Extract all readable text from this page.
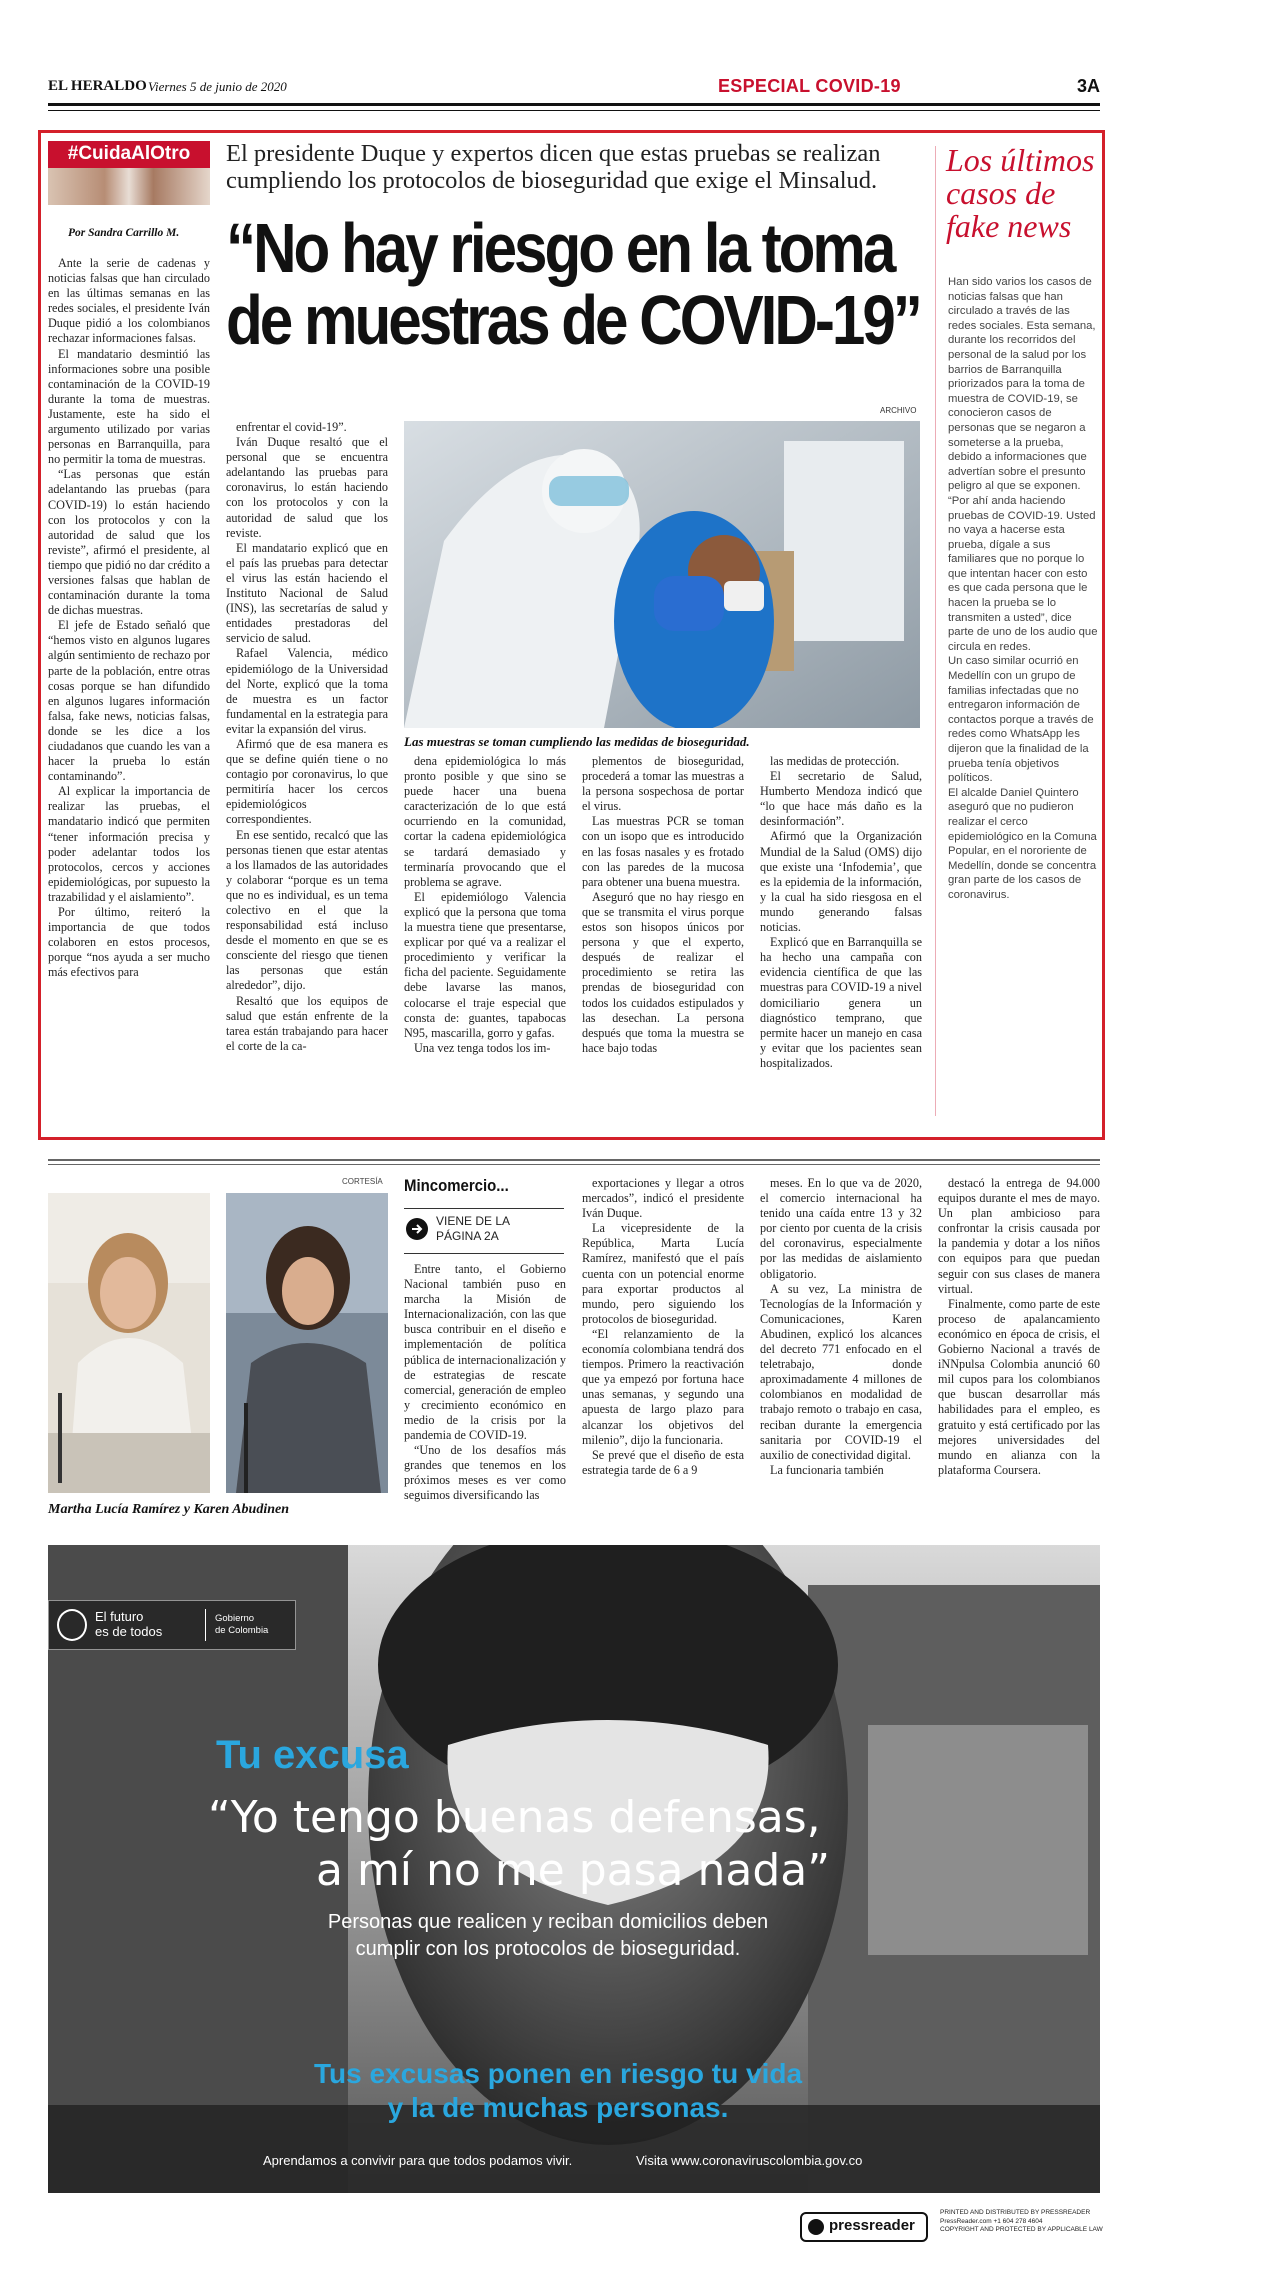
EL HERALDO Viernes 5 de junio de 2020	ESPECIAL COVID-19	3A
#CuidaAlOtro	El presidente Duque y expertos dicen que estas pruebas se realizan cumpliendo los protocolos de bioseguridad que exige el Minsalud.
“No hay riesgo en la toma
de muestras de COVID-19”
Por Sandra Carrillo M.

Ante la serie de cadenas y noticias falsas que han circulado en las últimas semanas en las redes sociales, el presidente Iván Duque pidió a los colombianos rechazar informaciones falsas.

El mandatario desmintió las informaciones sobre una posible contaminación de la COVID-19 durante la toma de muestras. Justamente, este ha sido el argumento utilizado por varias personas en Barranquilla, para no permitir la toma de muestras.

“Las personas que están adelantando las pruebas (para COVID-19) lo están haciendo con los protocolos y con la autoridad de salud que los reviste”, afirmó el presidente, al tiempo que pidió no dar crédito a versiones falsas que hablan de contaminación durante la toma de dichas muestras.

El jefe de Estado señaló que “hemos visto en algunos lugares algún sentimiento de rechazo por parte de la población, entre otras cosas porque se han difundido en algunos lugares información falsa, fake news, noticias falsas, donde se les dice a los ciudadanos que cuando les van a hacer la prueba lo están contaminando”.

Al explicar la importancia de realizar las pruebas, el mandatario indicó que permiten “tener información precisa y poder adelantar todos los protocolos, cercos y acciones epidemiológicas, por supuesto la trazabilidad y el aislamiento”.

Por último, reiteró la importancia de que todos colaboren en estos procesos, porque “nos ayuda a ser mucho más efectivos para

enfrentar el covid-19”.

Iván Duque resaltó que el personal que se encuentra adelantando las pruebas para coronavirus, lo están haciendo con los protocolos y con la autoridad de salud que los reviste.

El mandatario explicó que en el país las pruebas para detectar el virus las están haciendo el Instituto Nacional de Salud (INS), las secretarías de salud y entidades prestadoras del servicio de salud.

Rafael Valencia, médico epidemiólogo de la Universidad del Norte, explicó que la toma de muestra es un factor fundamental en la estrategia para evitar la expansión del virus.

Afirmó que de esa manera es que se define quién tiene o no contagio por coronavirus, lo que permitiría hacer los cercos epidemiológicos correspondientes.

En ese sentido, recalcó que las personas tienen que estar atentas a los llamados de las autoridades y colaborar “porque es un tema que no es individual, es un tema colectivo en el que la responsabilidad está incluso desde el momento en que se es consciente del riesgo que tienen las personas que están alrededor”, dijo.

Resaltó que los equipos de salud que están enfrente de la tarea están trabajando para hacer el corte de la ca-

ARCHIVO
Las muestras se toman cumpliendo las medidas de bioseguridad.

dena epidemiológica lo más pronto posible y que sino se puede hacer una buena caracterización de lo que está ocurriendo en la comunidad, cortar la cadena epidemiológica se tardará demasiado y terminaría provocando que el problema se agrave.

El epidemiólogo Valencia explicó que la persona que toma la muestra tiene que presentarse, explicar por qué va a realizar el procedimiento y verificar la ficha del paciente. Seguidamente debe lavarse las manos, colocarse el traje especial que consta de: guantes, tapabocas N95, mascarilla, gorro y gafas.

Una vez tenga todos los im-

plementos de bioseguridad, procederá a tomar las muestras a la persona sospechosa de portar el virus.

Las muestras PCR se toman con un isopo que es introducido en las fosas nasales y es frotado con las paredes de la mucosa para obtener una buena muestra.

Aseguró que no hay riesgo en que se transmita el virus porque estos son hisopos únicos por persona y que el experto, después de realizar el procedimiento se retira las prendas de bioseguridad con todos los cuidados estipulados y las desechan. La persona después que toma la muestra se hace bajo todas

las medidas de protección.

El secretario de Salud, Humberto Mendoza indicó que “lo que hace más daño es la desinformación”.

Afirmó que la Organización Mundial de la Salud (OMS) dijo que existe una ‘Infodemia’, que es la epidemia de la información, y la cual ha sido riesgosa en el mundo generando falsas noticias.

Explicó que en Barranquilla se ha hecho una campaña con evidencia científica de que las muestras para COVID-19 a nivel domiciliario genera un diagnóstico temprano, que permite hacer un manejo en casa y evitar que los pacientes sean hospitalizados.

Los últimos casos de fake news

Han sido varios los casos de noticias falsas que han circulado a través de las redes sociales. Esta semana, durante los recorridos del personal de la salud por los barrios de Barranquilla priorizados para la toma de muestra de COVID-19, se conocieron casos de personas que se negaron a someterse a la prueba, debido a informaciones que advertían sobre el presunto peligro al que se exponen.

“Por ahí anda haciendo pruebas de COVID-19. Usted no vaya a hacerse esta prueba, dígale a sus familiares que no porque lo que intentan hacer con esto es que cada persona que le hacen la prueba se lo transmiten a usted”, dice parte de uno de los audio que circula en redes.

Un caso similar ocurrió en Medellín con un grupo de familias infectadas que no entregaron información de contactos porque a través de redes como WhatsApp les dijeron que la finalidad de la prueba tenía objetivos políticos.

El alcalde Daniel Quintero aseguró que no pudieron realizar el cerco epidemiológico en la Comuna Popular, en el nororiente de Medellín, donde se concentra gran parte de los casos de coronavirus.

CORTESÍA
Martha Lucía Ramírez y Karen Abudinen
Mincomercio...
VIENE DE LA
PÁGINA 2A

Entre tanto, el Gobierno Nacional también puso en marcha la Misión de Internacionalización, con las que busca contribuir en el diseño e implementación de política pública de internacionalización y de estrategias de rescate comercial, generación de empleo y crecimiento económico en medio de la crisis por la pandemia de COVID-19.

“Uno de los desafíos más grandes que tenemos en los próximos meses es ver como seguimos diversificando las

exportaciones y llegar a otros mercados”, indicó el presidente Iván Duque.

La vicepresidente de la República, Marta Lucía Ramírez, manifestó que el país cuenta con un potencial enorme para exportar productos al mundo, pero siguiendo los protocolos de bioseguridad.

“El relanzamiento de la economía colombiana tendrá dos tiempos. Primero la reactivación que ya empezó por fortuna hace unas semanas, y segundo una apuesta de largo plazo para alcanzar los objetivos del milenio”, dijo la funcionaria.

Se prevé que el diseño de esta estrategia tarde de 6 a 9

meses. En lo que va de 2020, el comercio internacional ha tenido una caída entre 13 y 32 por ciento por cuenta de la crisis del coronavirus, especialmente por las medidas de aislamiento obligatorio.

A su vez, La ministra de Tecnologías de la Información y Comunicaciones, Karen Abudinen, explicó los alcances del decreto 771 enfocado en el teletrabajo, donde aproximadamente 4 millones de colombianos en modalidad de trabajo remoto o trabajo en casa, reciban durante la emergencia sanitaria por COVID-19 el auxilio de conectividad digital.

La funcionaria también

destacó la entrega de 94.000 equipos durante el mes de mayo. Un plan ambicioso para confrontar la crisis causada por la pandemia y dotar a los niños con equipos para que puedan seguir con sus clases de manera virtual.

Finalmente, como parte de este proceso de apalancamiento económico en época de crisis, el Gobierno Nacional a través de iNNpulsa Colombia anunció 60 mil cupos para los colombianos que buscan desarrollar más habilidades para el empleo, es gratuito y está certificado por las mejores universidades del mundo en alianza con la plataforma Coursera.

El futuro
es de todos
Gobierno
de Colombia
Tu excusa
“Yo tengo buenas defensas,
a mí no me pasa nada”
Personas que realicen y reciban domicilios deben
cumplir con los protocolos de bioseguridad.
Tus excusas ponen en riesgo tu vida
y la de muchas personas.
Aprendamos a convivir para que todos podamos vivir.	Visita www.coronaviruscolombia.gov.co
pressreader
PRINTED AND DISTRIBUTED BY PRESSREADER
PressReader.com +1 604 278 4604
COPYRIGHT AND PROTECTED BY APPLICABLE LAW
